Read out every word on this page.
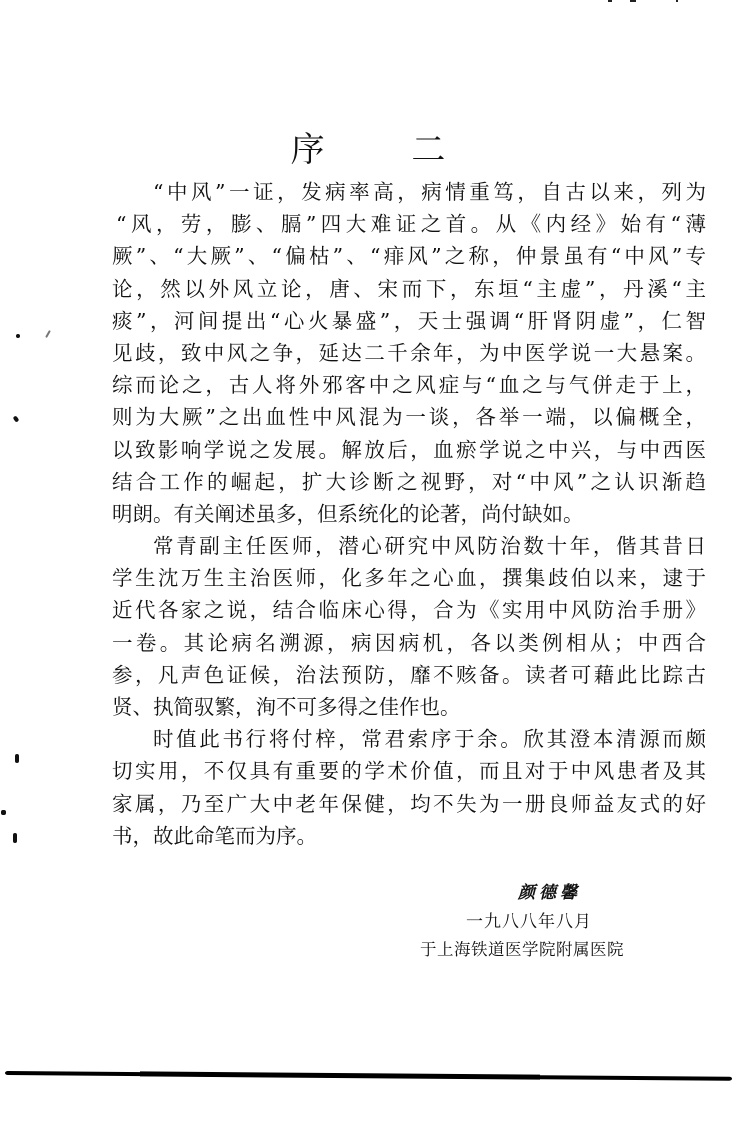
序 二
“中风”一证，发病率高，病情重笃，自古以来，列为
“风，劳，膨、膈”四大难证之首。从《内经》始有“薄
厥”、“大厥”、“偏枯”、“痱风”之称，仲景虽有“中风”专
论，然以外风立论，唐、宋而下，东垣“主虚”，丹溪“主
痰”，河间提出“心火暴盛”，天士强调“肝肾阴虚”，仁智
见歧，致中风之争，延达二千余年，为中医学说一大悬案。
综而论之，古人将外邪客中之风症与“血之与气併走于上，
则为大厥”之出血性中风混为一谈，各举一端，以偏概全，
以致影响学说之发展。解放后，血瘀学说之中兴，与中西医
结合工作的崛起，扩大诊断之视野，对“中风”之认识渐趋
明朗。有关阐述虽多，但系统化的论著，尚付缺如。
常青副主任医师，潜心研究中风防治数十年，偕其昔日
学生沈万生主治医师，化多年之心血，撰集歧伯以来，逮于
近代各家之说，结合临床心得，合为《实用中风防治手册》
一卷。其论病名溯源，病因病机，各以类例相从；中西合
参，凡声色证候，治法预防，靡不赅备。读者可藉此比踪古
贤、执简驭繁，洵不可多得之佳作也。
时值此书行将付梓，常君索序于余。欣其澄本清源而颇
切实用，不仅具有重要的学术价值，而且对于中风患者及其
家属，乃至广大中老年保健，均不失为一册良师益友式的好
书，故此命笔而为序。
颜德馨
一九八八年八月
于上海铁道医学院附属医院
